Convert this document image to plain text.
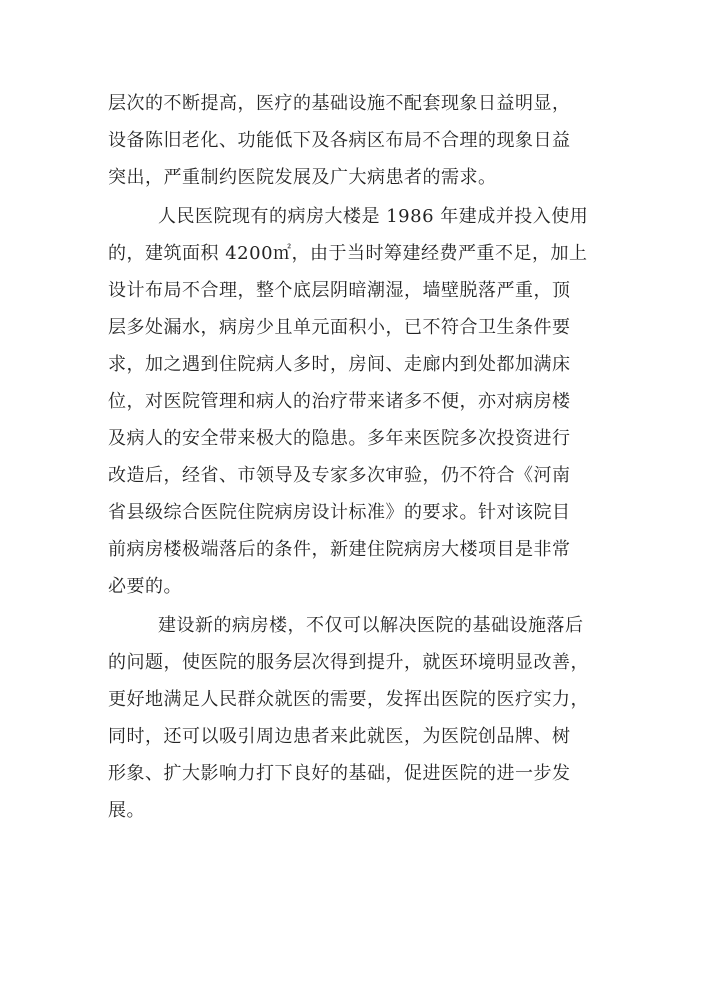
层次的不断提高，医疗的基础设施不配套现象日益明显，
设备陈旧老化、功能低下及各病区布局不合理的现象日益
突出，严重制约医院发展及广大病患者的需求。
人民医院现有的病房大楼是 1986 年建成并投入使用
的，建筑面积 4200㎡，由于当时筹建经费严重不足，加上
设计布局不合理，整个底层阴暗潮湿，墙壁脱落严重，顶
层多处漏水，病房少且单元面积小，已不符合卫生条件要
求，加之遇到住院病人多时，房间、走廊内到处都加满床
位，对医院管理和病人的治疗带来诸多不便，亦对病房楼
及病人的安全带来极大的隐患。多年来医院多次投资进行
改造后，经省、市领导及专家多次审验，仍不符合《河南
省县级综合医院住院病房设计标准》的要求。针对该院目
前病房楼极端落后的条件，新建住院病房大楼项目是非常
必要的。
建设新的病房楼，不仅可以解决医院的基础设施落后
的问题，使医院的服务层次得到提升，就医环境明显改善，
更好地满足人民群众就医的需要，发挥出医院的医疗实力，
同时，还可以吸引周边患者来此就医，为医院创品牌、树
形象、扩大影响力打下良好的基础，促进医院的进一步发
展。
